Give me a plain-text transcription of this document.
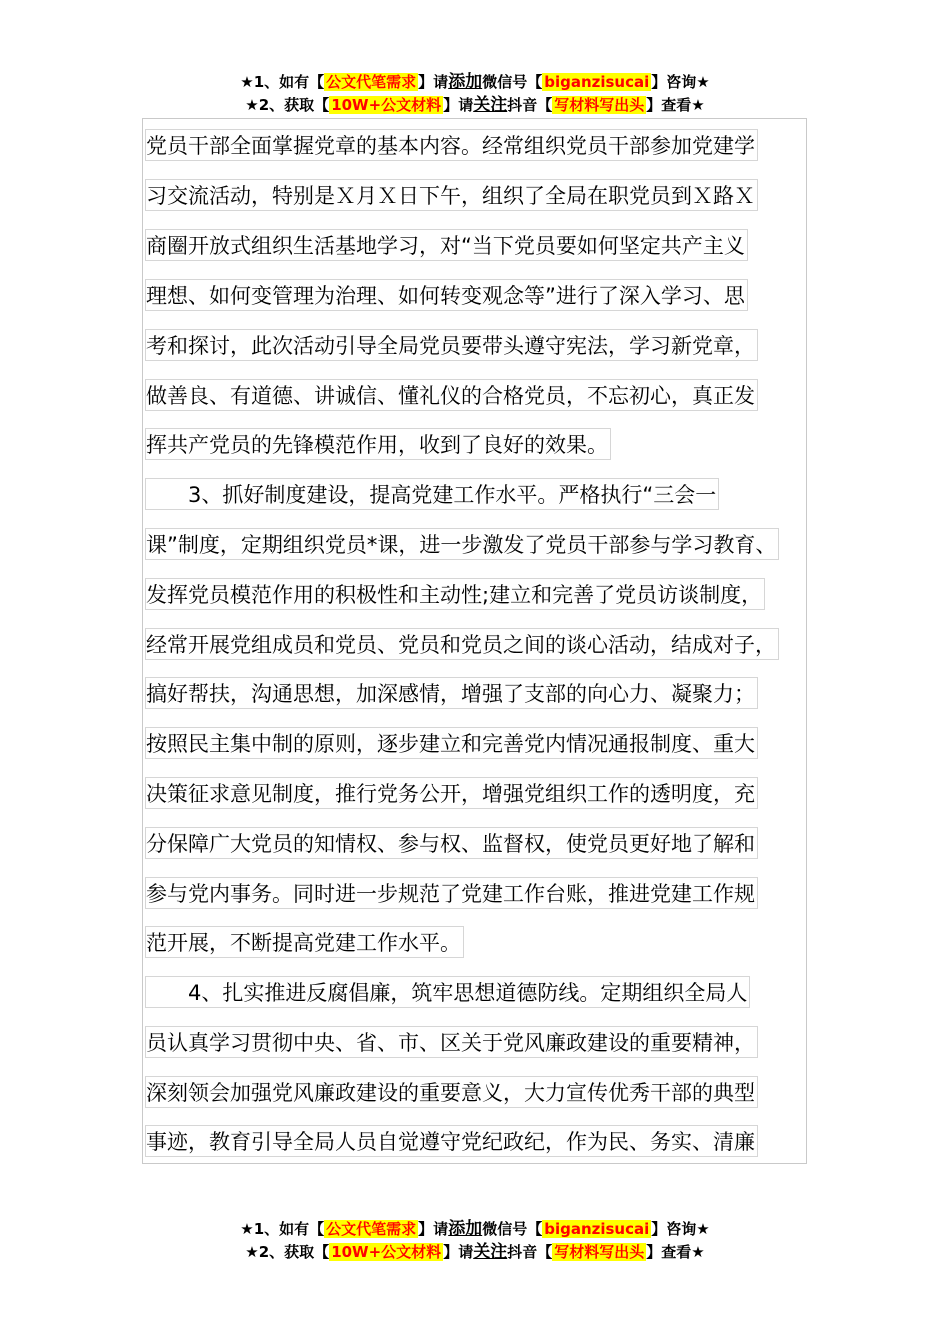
★1、如有【 公文代笔需求 】请添加微信号【 biganzisucai 】咨询★
★2、获取【 10W+公文材料 】请关注抖音【 写材料写出头 】查看★
党员干部全面掌握党章的基本内容。经常组织党员干部参加党建学
习交流活动，特别是Ｘ月Ｘ日下午，组织了全局在职党员到Ｘ路Ｘ
商圈开放式组织生活基地学习，对“当下党员要如何坚定共产主义
理想、如何变管理为治理、如何转变观念等”进行了深入学习、思
考和探讨，此次活动引导全局党员要带头遵守宪法，学习新党章，
做善良、有道德、讲诚信、懂礼仪的合格党员，不忘初心，真正发
挥共产党员的先锋模范作用，收到了良好的效果。
　　3、抓好制度建设，提高党建工作水平。严格执行“三会一
课”制度，定期组织党员*课，进一步激发了党员干部参与学习教育、
发挥党员模范作用的积极性和主动性;建立和完善了党员访谈制度，
经常开展党组成员和党员、党员和党员之间的谈心活动，结成对子，
搞好帮扶，沟通思想，加深感情，增强了支部的向心力、凝聚力；
按照民主集中制的原则，逐步建立和完善党内情况通报制度、重大
决策征求意见制度，推行党务公开，增强党组织工作的透明度，充
分保障广大党员的知情权、参与权、监督权，使党员更好地了解和
参与党内事务。同时进一步规范了党建工作台账，推进党建工作规
范开展，不断提高党建工作水平。
　　4、扎实推进反腐倡廉，筑牢思想道德防线。定期组织全局人
员认真学习贯彻中央、省、市、区关于党风廉政建设的重要精神，
深刻领会加强党风廉政建设的重要意义，大力宣传优秀干部的典型
事迹，教育引导全局人员自觉遵守党纪政纪，作为民、务实、清廉
★1、如有【 公文代笔需求 】请添加微信号【 biganzisucai 】咨询★
★2、获取【 10W+公文材料 】请关注抖音【 写材料写出头 】查看★
